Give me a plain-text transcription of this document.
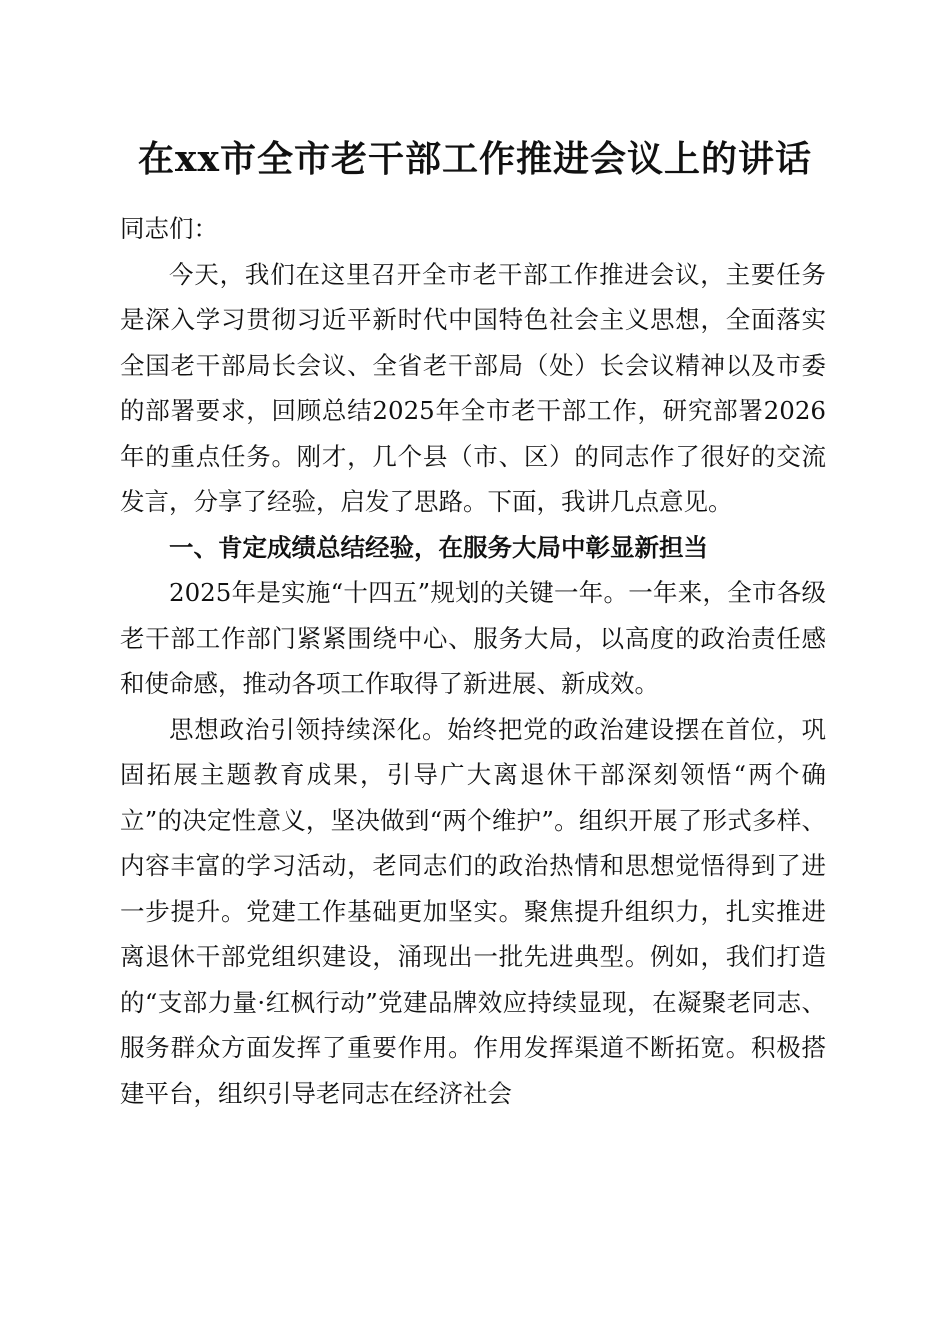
在xx市全市老干部工作推进会议上的讲话

同志们：

今天，我们在这里召开全市老干部工作推进会议，主要任务是深入学习贯彻习近平新时代中国特色社会主义思想，全面落实全国老干部局长会议、全省老干部局（处）长会议精神以及市委的部署要求，回顾总结2025年全市老干部工作，研究部署2026年的重点任务。刚才，几个县（市、区）的同志作了很好的交流发言，分享了经验，启发了思路。下面，我讲几点意见。

一、肯定成绩总结经验，在服务大局中彰显新担当

2025年是实施“十四五”规划的关键一年。一年来，全市各级老干部工作部门紧紧围绕中心、服务大局，以高度的政治责任感和使命感，推动各项工作取得了新进展、新成效。

思想政治引领持续深化。始终把党的政治建设摆在首位，巩固拓展主题教育成果，引导广大离退休干部深刻领悟“两个确立”的决定性意义，坚决做到“两个维护”。组织开展了形式多样、内容丰富的学习活动，老同志们的政治热情和思想觉悟得到了进一步提升。党建工作基础更加坚实。聚焦提升组织力，扎实推进离退休干部党组织建设，涌现出一批先进典型。例如，我们打造的“支部力量·红枫行动”党建品牌效应持续显现，在凝聚老同志、服务群众方面发挥了重要作用。作用发挥渠道不断拓宽。积极搭建平台，组织引导老同志在经济社会
